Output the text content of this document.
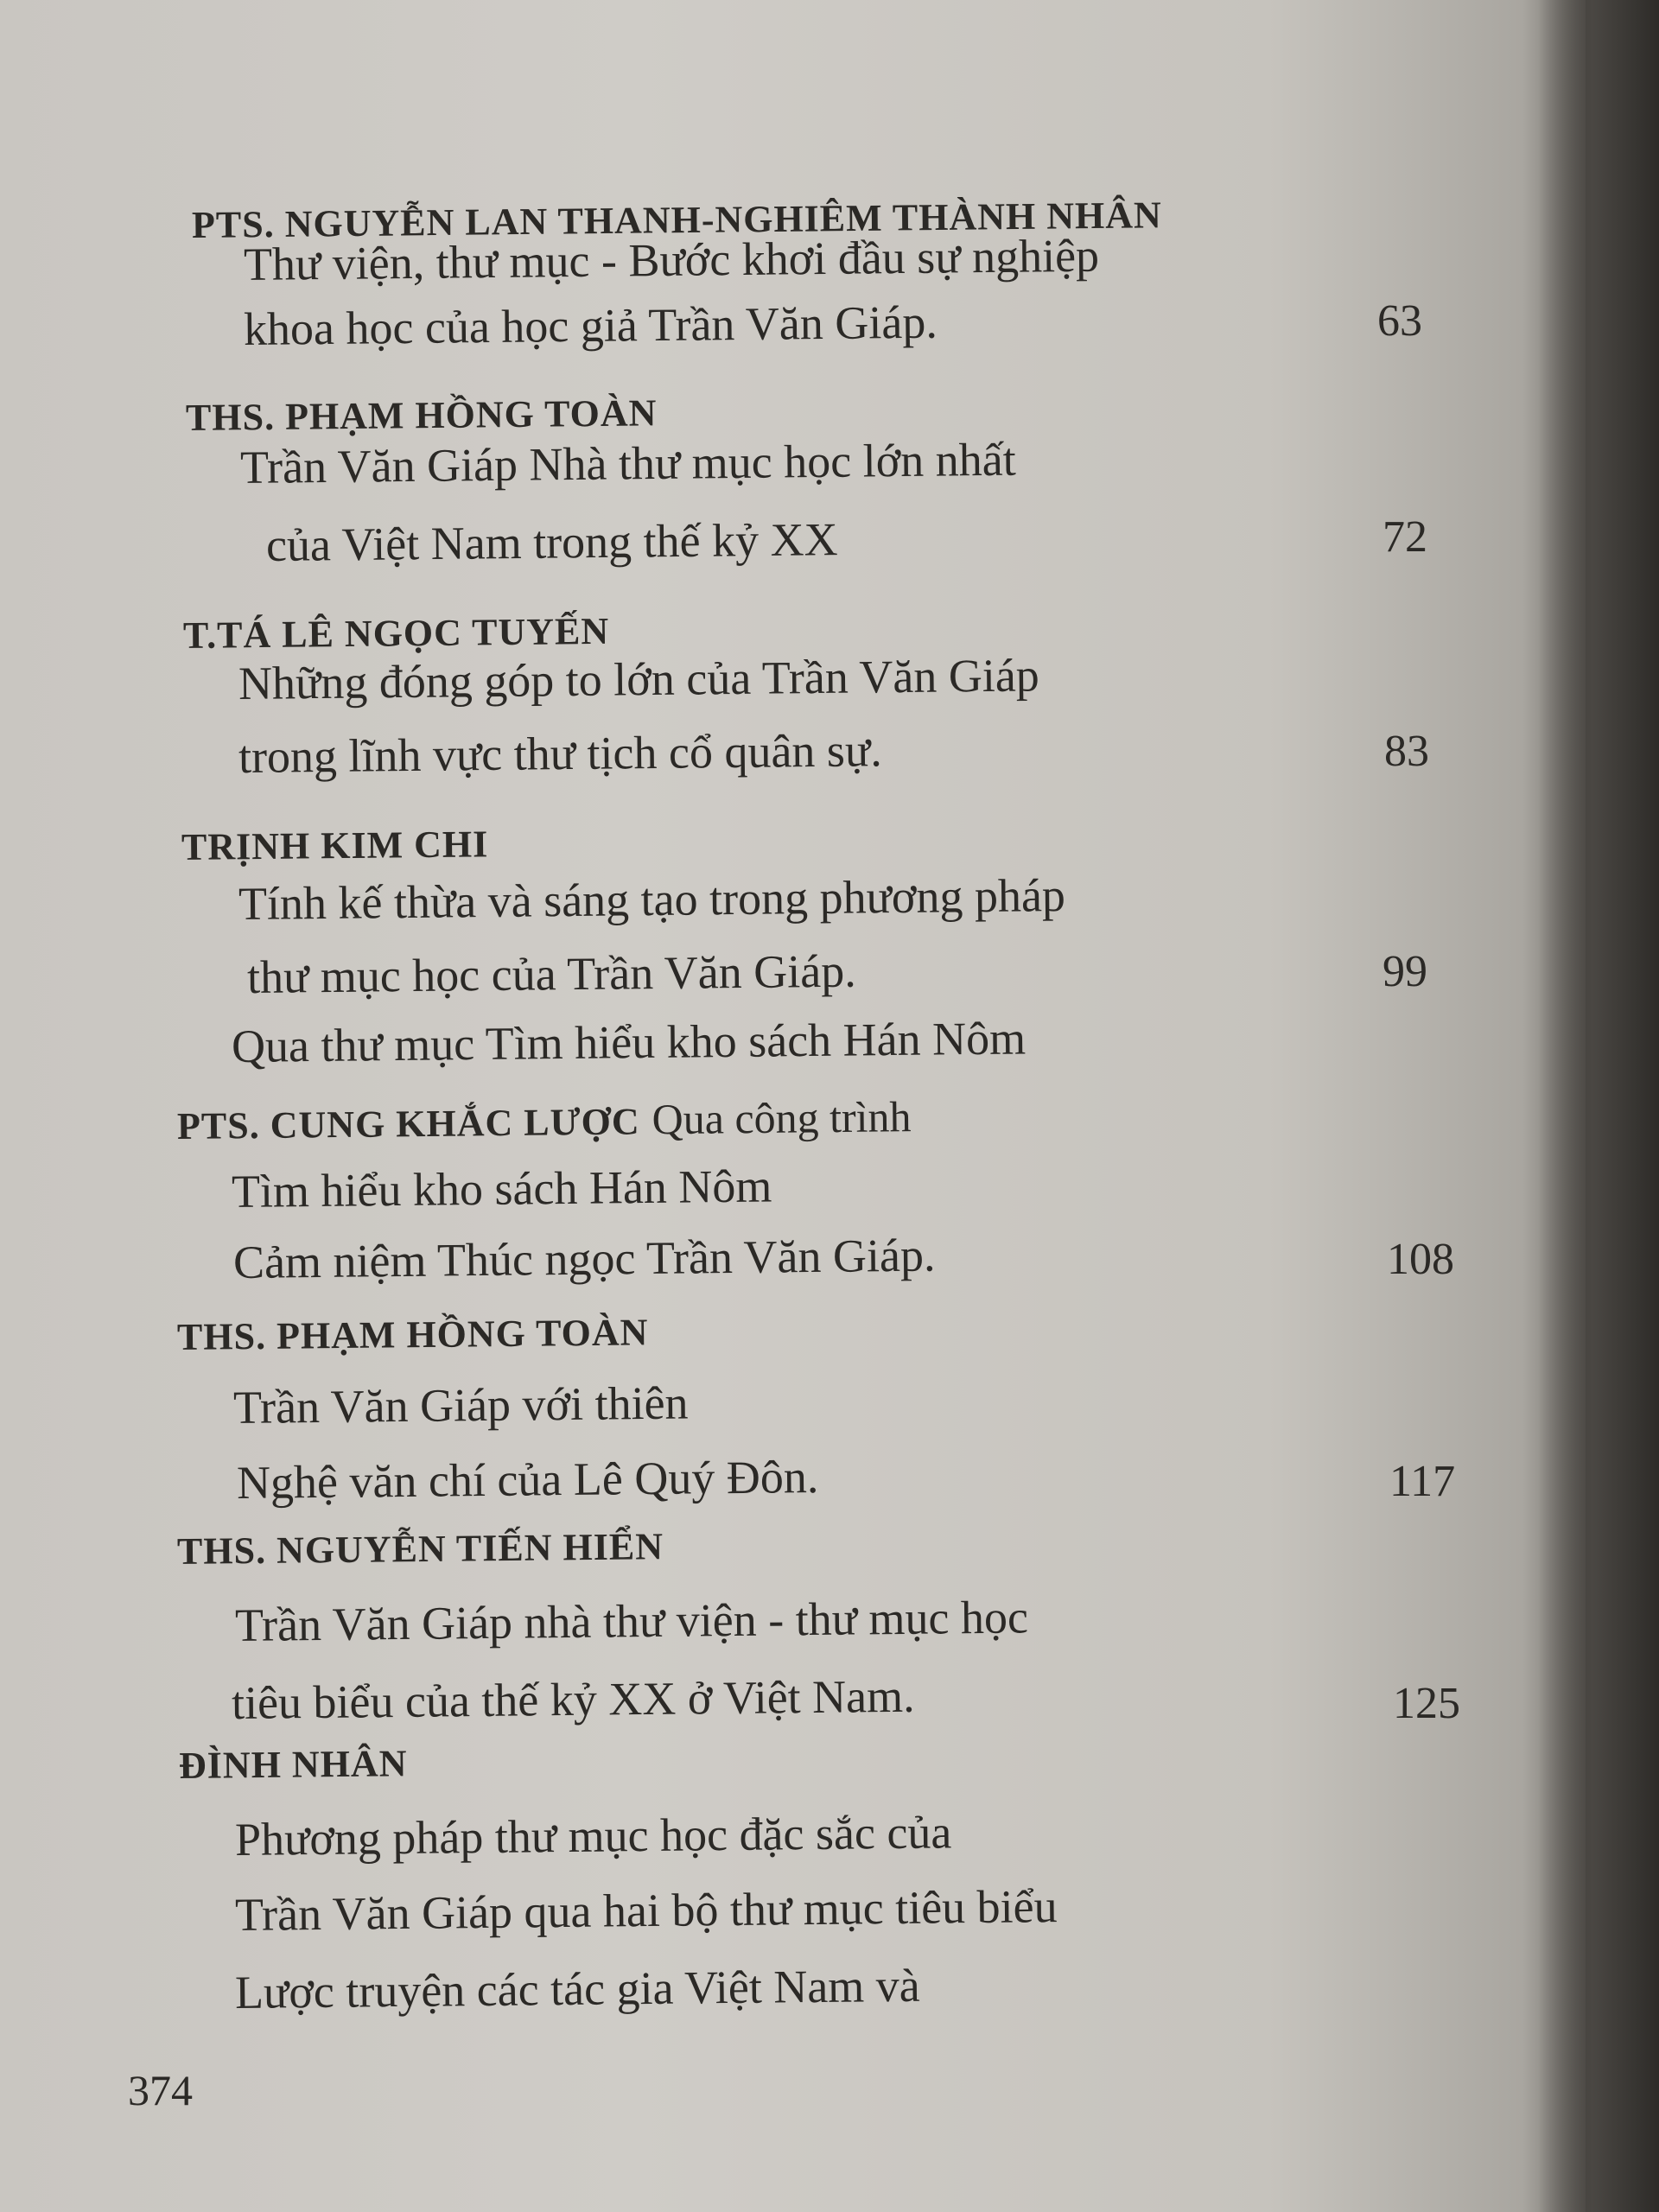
PTS. NGUYỄN LAN THANH-NGHIÊM THÀNH NHÂN
Thư viện, thư mục - Bước khơi đầu sự nghiệp
khoa học của học giả Trần Văn Giáp.	63
THS. PHẠM HỒNG TOÀN
Trần Văn Giáp Nhà thư mục học lớn nhất
của Việt Nam trong thế kỷ XX	72
T.TÁ LÊ NGỌC TUYẾN
Những đóng góp to lớn của Trần Văn Giáp
trong lĩnh vực thư tịch cổ quân sự.	83
TRỊNH KIM CHI
Tính kế thừa và sáng tạo trong phương pháp
thư mục học của Trần Văn Giáp.	99
Qua thư mục Tìm hiểu kho sách Hán Nôm
PTS. CUNG KHẮC LƯỢC Qua công trình
Tìm hiểu kho sách Hán Nôm
Cảm niệm Thúc ngọc Trần Văn Giáp.	108
THS. PHẠM HỒNG TOÀN
Trần Văn Giáp với thiên
Nghệ văn chí của Lê Quý Đôn.	117
THS. NGUYỄN TIẾN HIỂN
Trần Văn Giáp nhà thư viện - thư mục học
tiêu biểu của thế kỷ XX ở Việt Nam.	125
ĐÌNH NHÂN
Phương pháp thư mục học đặc sắc của
Trần Văn Giáp qua hai bộ thư mục tiêu biểu
Lược truyện các tác gia Việt Nam và
374
